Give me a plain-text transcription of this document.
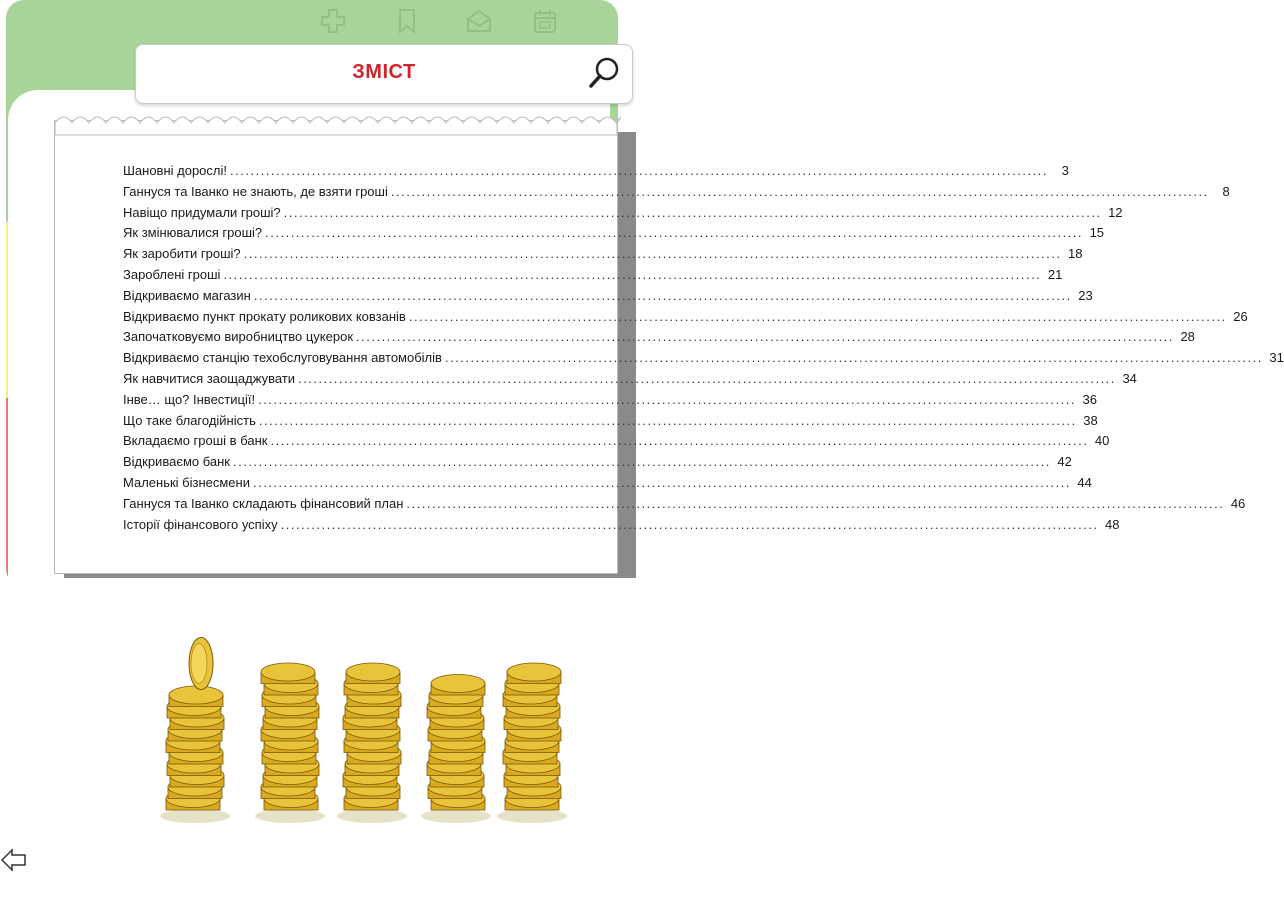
ЗМІСТ
Шановні дорослі! ................................................................................................................................................................	3
Ганнуся та Іванко не знають, де взяти гроші ................................................................................................................................................................	8
Навіщо придумали гроші? ................................................................................................................................................................ 12
Як змінювалися гроші? ................................................................................................................................................................ 15
Як заробити гроші? ................................................................................................................................................................ 18
Зароблені гроші ................................................................................................................................................................ 21
Відкриваємо магазин ................................................................................................................................................................ 23
Відкриваємо пункт прокату роликових ковзанів ................................................................................................................................................................ 26
Започатковуємо виробництво цукерок ................................................................................................................................................................ 28
Відкриваємо станцію техобслуговування автомобілів ................................................................................................................................................................ 31
Як навчитися заощаджувати ................................................................................................................................................................ 34
Інве… що? Інвестиції! ................................................................................................................................................................ 36
Що таке благодійність ................................................................................................................................................................ 38
Вкладаємо гроші в банк ................................................................................................................................................................ 40
Відкриваємо банк ................................................................................................................................................................ 42
Маленькі бізнесмени ................................................................................................................................................................ 44
Ганнуся та Іванко складають фінансовий план ................................................................................................................................................................ 46
Історії фінансового успіху ................................................................................................................................................................ 48
